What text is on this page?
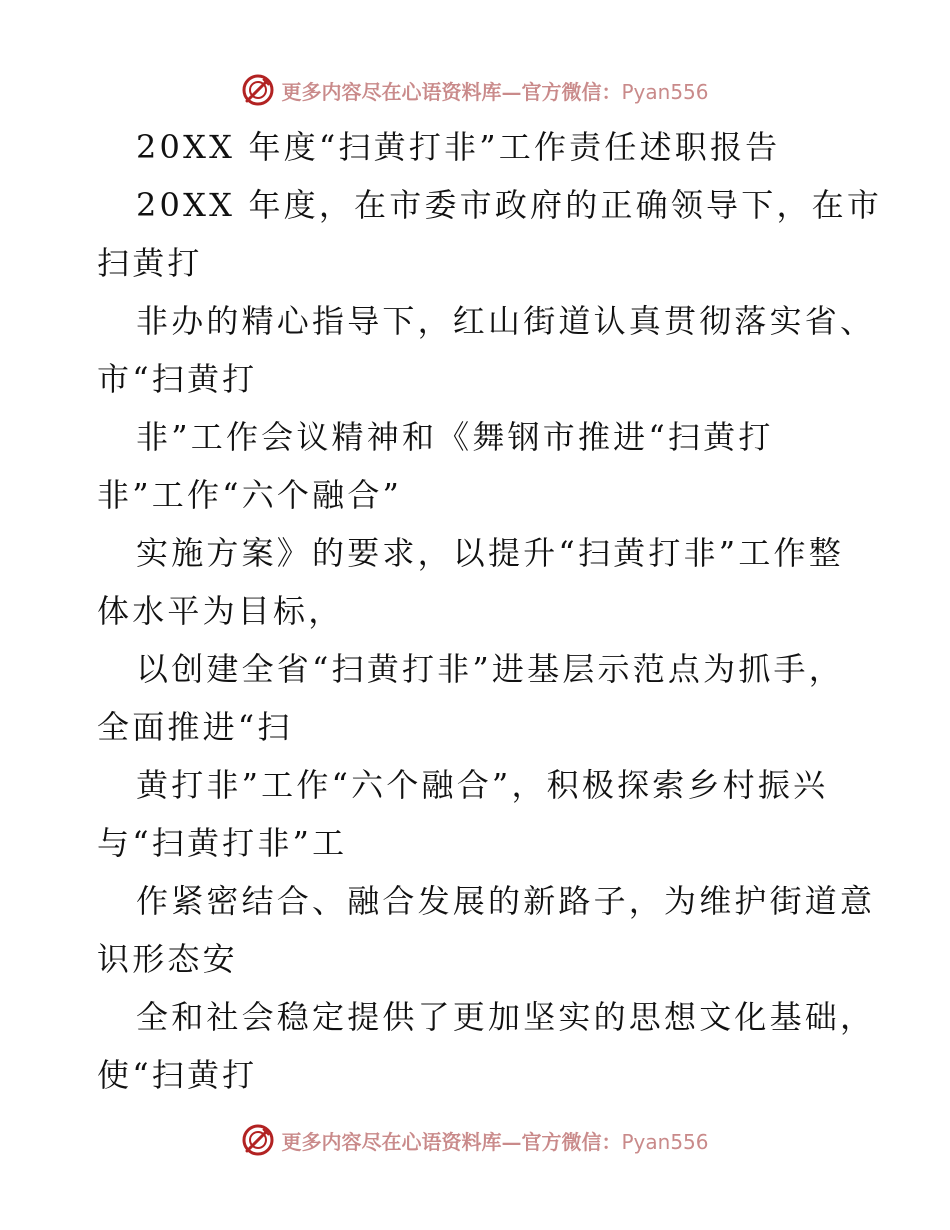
更多内容尽在心语资料库—官方微信：Pyan556
20XX 年度“扫黄打非”工作责任述职报告
20XX 年度，在市委市政府的正确领导下，在市
扫黄打
非办的精心指导下，红山街道认真贯彻落实省、
市“扫黄打
非”工作会议精神和《舞钢市推进“扫黄打
非”工作“六个融合”
实施方案》的要求，以提升“扫黄打非”工作整
体水平为目标，
以创建全省“扫黄打非”进基层示范点为抓手，
全面推进“扫
黄打非”工作“六个融合”，积极探索乡村振兴
与“扫黄打非”工
作紧密结合、融合发展的新路子，为维护街道意
识形态安
全和社会稳定提供了更加坚实的思想文化基础，
使“扫黄打
更多内容尽在心语资料库—官方微信：Pyan556
